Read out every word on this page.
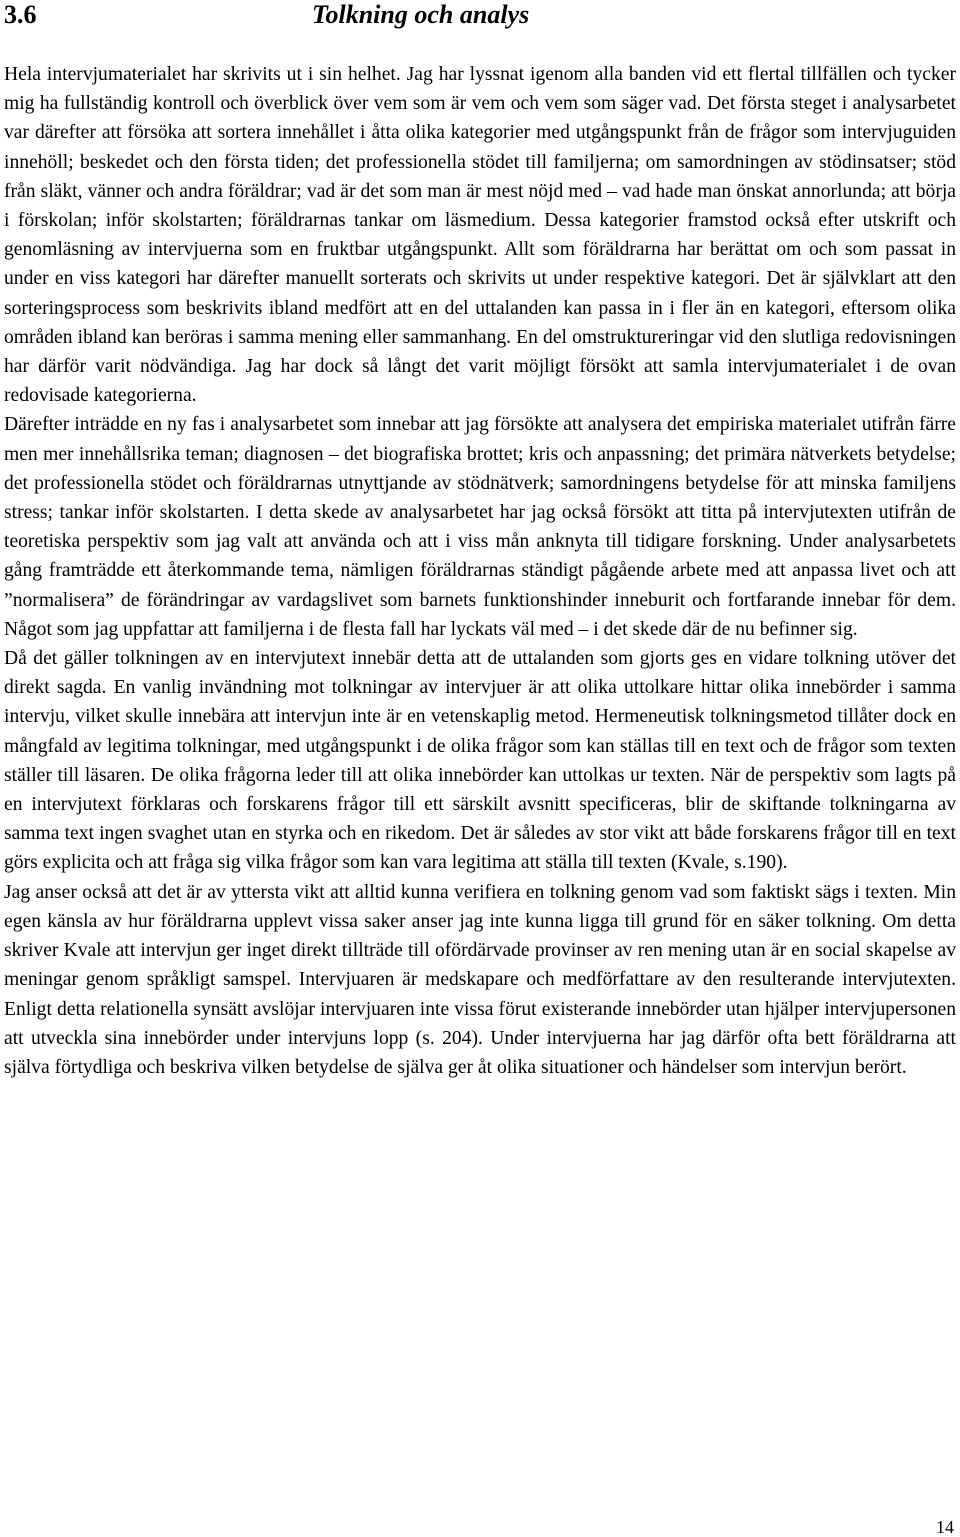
3.6	Tolkning och analys

Hela intervjumaterialet har skrivits ut i sin helhet. Jag har lyssnat igenom alla banden vid ett flertal tillfällen och tycker mig ha fullständig kontroll och överblick över vem som är vem och vem som säger vad. Det första steget i analysarbetet var därefter att försöka att sortera innehållet i åtta olika kategorier med utgångspunkt från de frågor som intervjuguiden innehöll; beskedet och den första tiden; det professionella stödet till familjerna; om samordningen av stödinsatser; stöd från släkt, vänner och andra föräldrar; vad är det som man är mest nöjd med – vad hade man önskat annorlunda; att börja i förskolan; inför skolstarten; föräldrarnas tankar om läsmedium. Dessa kategorier framstod också efter utskrift och genomläsning av intervjuerna som en fruktbar utgångspunkt. Allt som föräldrarna har berättat om och som passat in under en viss kategori har därefter manuellt sorterats och skrivits ut under respektive kategori. Det är självklart att den sorteringsprocess som beskrivits ibland medfört att en del uttalanden kan passa in i fler än en kategori, eftersom olika områden ibland kan beröras i samma mening eller sammanhang. En del omstruktureringar vid den slutliga redovisningen har därför varit nödvändiga. Jag har dock så långt det varit möjligt försökt att samla intervjumaterialet i de ovan redovisade kategorierna.

Därefter inträdde en ny fas i analysarbetet som innebar att jag försökte att analysera det empiriska materialet utifrån färre men mer innehållsrika teman; diagnosen – det biografiska brottet; kris och anpassning; det primära nätverkets betydelse; det professionella stödet och föräldrarnas utnyttjande av stödnätverk; samordningens betydelse för att minska familjens stress; tankar inför skolstarten. I detta skede av analysarbetet har jag också försökt att titta på intervjutexten utifrån de teoretiska perspektiv som jag valt att använda och att i viss mån anknyta till tidigare forskning. Under analysarbetets gång framträdde ett återkommande tema, nämligen föräldrarnas ständigt pågående arbete med att anpassa livet och att ”normalisera” de förändringar av vardagslivet som barnets funktionshinder inneburit och fortfarande innebar för dem. Något som jag uppfattar att familjerna i de flesta fall har lyckats väl med – i det skede där de nu befinner sig.

Då det gäller tolkningen av en intervjutext innebär detta att de uttalanden som gjorts ges en vidare tolkning utöver det direkt sagda. En vanlig invändning mot tolkningar av intervjuer är att olika uttolkare hittar olika innebörder i samma intervju, vilket skulle innebära att intervjun inte är en vetenskaplig metod. Hermeneutisk tolkningsmetod tillåter dock en mångfald av legitima tolkningar, med utgångspunkt i de olika frågor som kan ställas till en text och de frågor som texten ställer till läsaren. De olika frågorna leder till att olika innebörder kan uttolkas ur texten. När de perspektiv som lagts på en intervjutext förklaras och forskarens frågor till ett särskilt avsnitt specificeras, blir de skiftande tolkningarna av samma text ingen svaghet utan en styrka och en rikedom. Det är således av stor vikt att både forskarens frågor till en text görs explicita och att fråga sig vilka frågor som kan vara legitima att ställa till texten (Kvale, s.190).

Jag anser också att det är av yttersta vikt att alltid kunna verifiera en tolkning genom vad som faktiskt sägs i texten. Min egen känsla av hur föräldrarna upplevt vissa saker anser jag inte kunna ligga till grund för en säker tolkning. Om detta skriver Kvale att intervjun ger inget direkt tillträde till ofördärvade provinser av ren mening utan är en social skapelse av meningar genom språkligt samspel. Intervjuaren är medskapare och medförfattare av den resulterande intervjutexten. Enligt detta relationella synsätt avslöjar intervjuaren inte vissa förut existerande innebörder utan hjälper intervjupersonen att utveckla sina innebörder under intervjuns lopp (s. 204). Under intervjuerna har jag därför ofta bett föräldrarna att själva förtydliga och beskriva vilken betydelse de själva ger åt olika situationer och händelser som intervjun berört.

14
